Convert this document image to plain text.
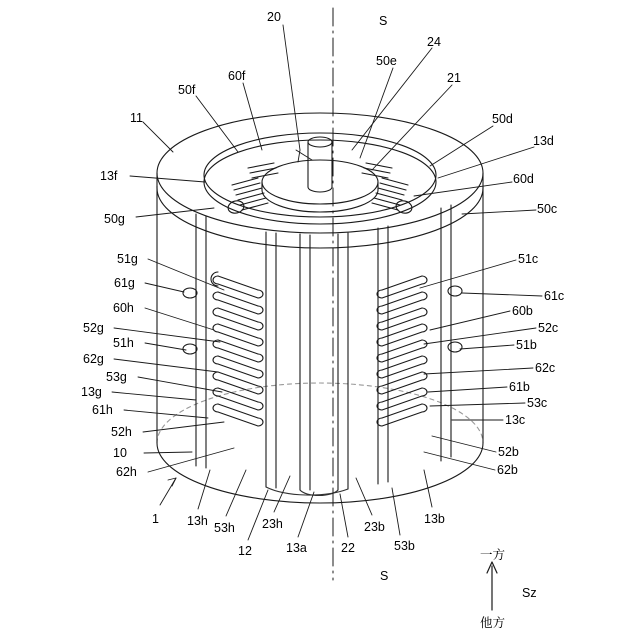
20	S
24
50e
21
50f
60f
11	50d
13d
13f	60d
50c
50g
51g	51c
61g
61c
60h	60b
52g	52c
51h	51b
62g
62c
53g
61b
13g
53c
61h
13c
52h
10	52b
62h	62b
1 13h 53h 23h	23b
13b
12	13a	22	53b
S
一方
Sz
他方
